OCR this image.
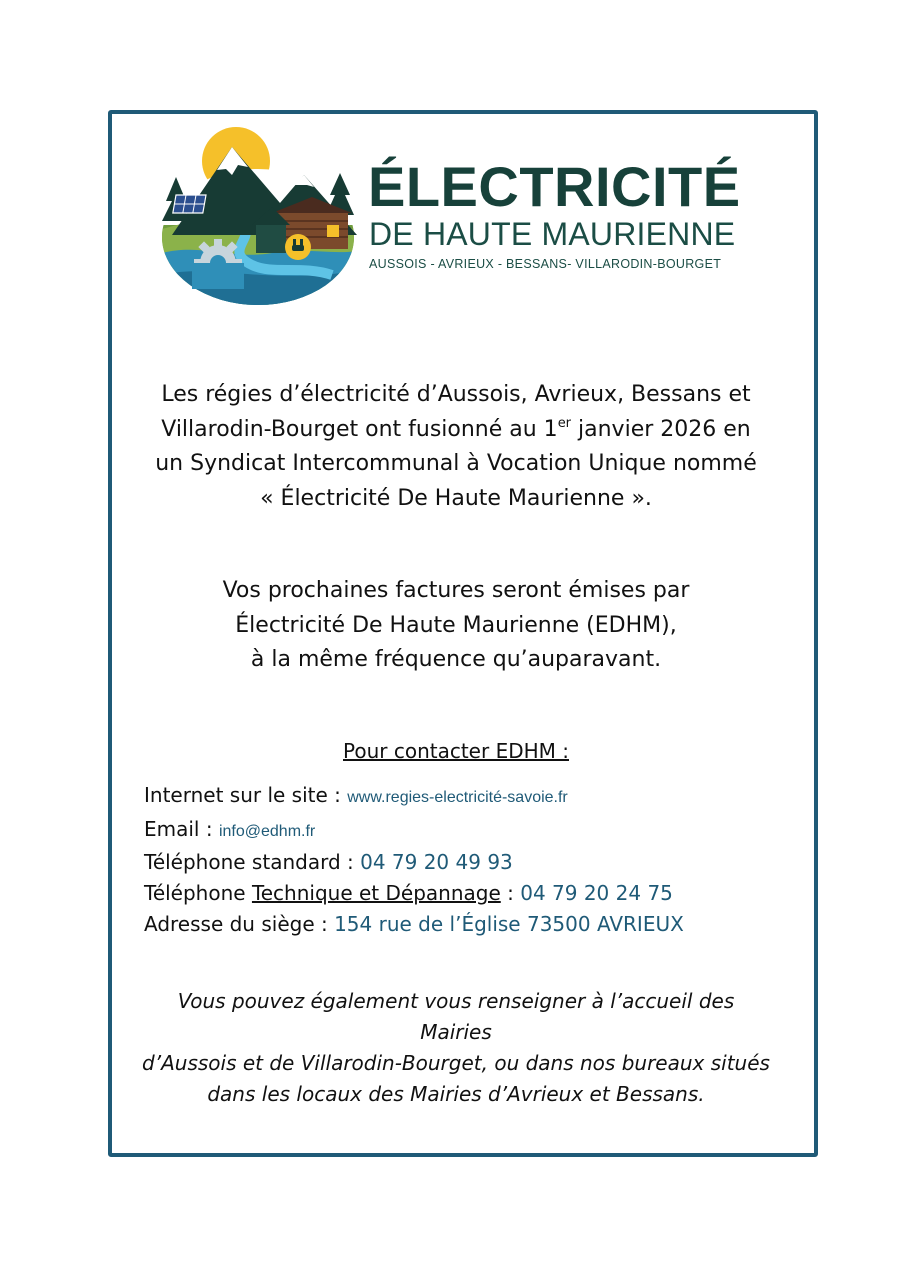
ÉLECTRICITÉ
DE HAUTE MAURIENNE
AUSSOIS - AVRIEUX - BESSANS- VILLARODIN-BOURGET
Les régies d’électricité d’Aussois, Avrieux, Bessans et
Villarodin-Bourget ont fusionné au 1er janvier 2026 en
un Syndicat Intercommunal à Vocation Unique nommé
« Électricité De Haute Maurienne ».
Vos prochaines factures seront émises par
Électricité De Haute Maurienne (EDHM),
à la même fréquence qu’auparavant.
Pour contacter EDHM :
Internet sur le site : www.regies-electricité-savoie.fr
Email : info@edhm.fr
Téléphone standard : 04 79 20 49 93
Téléphone Technique et Dépannage : 04 79 20 24 75
Adresse du siège : 154 rue de l’Église 73500 AVRIEUX
Vous pouvez également vous renseigner à l’accueil des Mairies
d’Aussois et de Villarodin-Bourget, ou dans nos bureaux situés
dans les locaux des Mairies d’Avrieux et Bessans.
